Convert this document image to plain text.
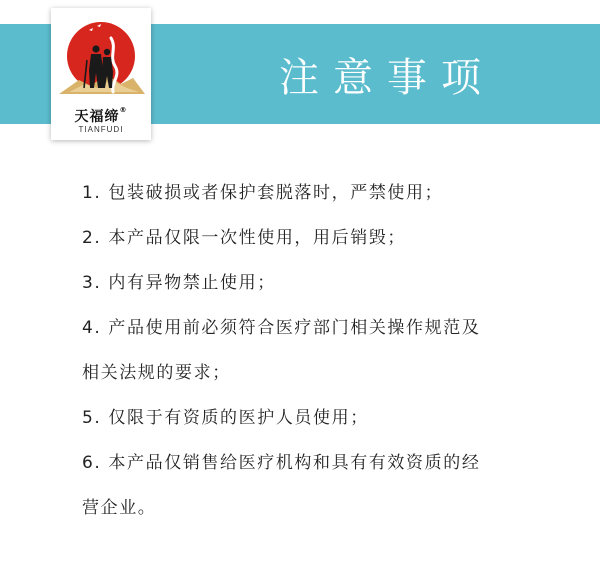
注意事项
天福缔®
TIANFUDI
1. 包装破损或者保护套脱落时，严禁使用；
2. 本产品仅限一次性使用，用后销毁；
3. 内有异物禁止使用；
4. 产品使用前必须符合医疗部门相关操作规范及
相关法规的要求；
5. 仅限于有资质的医护人员使用；
6. 本产品仅销售给医疗机构和具有有效资质的经
营企业。
